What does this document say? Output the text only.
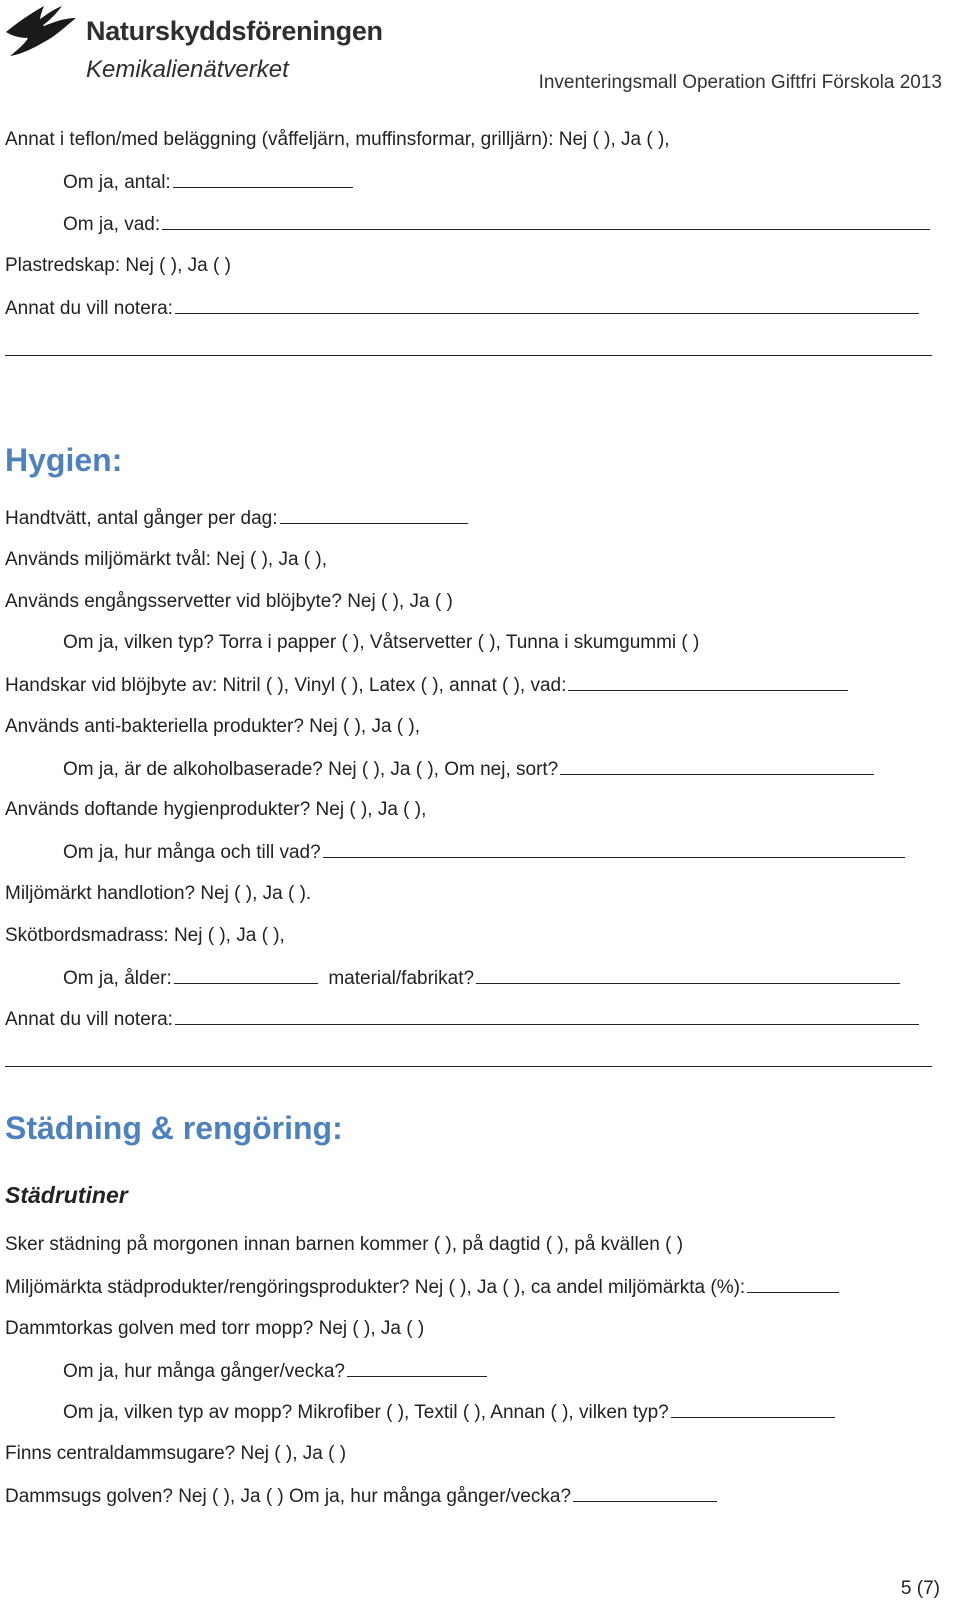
Naturskyddsföreningen
Kemikalienätverket	Inventeringsmall Operation Giftfri Förskola 2013
Annat i teflon/med beläggning (våffeljärn, muffinsformar, grilljärn): Nej ( ), Ja ( ),
Om ja, antal:
Om ja, vad:
Plastredskap: Nej ( ), Ja ( )
Annat du vill notera:
Hygien:
Handtvätt, antal gånger per dag:
Används miljömärkt tvål: Nej ( ), Ja ( ),
Används engångsservetter vid blöjbyte? Nej ( ), Ja ( )
Om ja, vilken typ? Torra i papper ( ), Våtservetter ( ), Tunna i skumgummi ( )
Handskar vid blöjbyte av: Nitril ( ), Vinyl ( ), Latex ( ), annat ( ), vad:
Används anti-bakteriella produkter? Nej ( ), Ja ( ),
Om ja, är de alkoholbaserade? Nej ( ), Ja ( ), Om nej, sort?
Används doftande hygienprodukter? Nej ( ), Ja ( ),
Om ja, hur många och till vad?
Miljömärkt handlotion? Nej ( ), Ja ( ).
Skötbordsmadrass: Nej ( ), Ja ( ),
Om ja, ålder:	material/fabrikat?
Annat du vill notera:
Städning & rengöring:
Städrutiner
Sker städning på morgonen innan barnen kommer ( ), på dagtid ( ), på kvällen ( )
Miljömärkta städprodukter/rengöringsprodukter? Nej ( ), Ja ( ), ca andel miljömärkta (%):
Dammtorkas golven med torr mopp? Nej ( ), Ja ( )
Om ja, hur många gånger/vecka?
Om ja, vilken typ av mopp? Mikrofiber ( ), Textil ( ), Annan ( ), vilken typ?
Finns centraldammsugare? Nej ( ), Ja ( )
Dammsugs golven? Nej ( ), Ja ( ) Om ja, hur många gånger/vecka?
5 (7)
